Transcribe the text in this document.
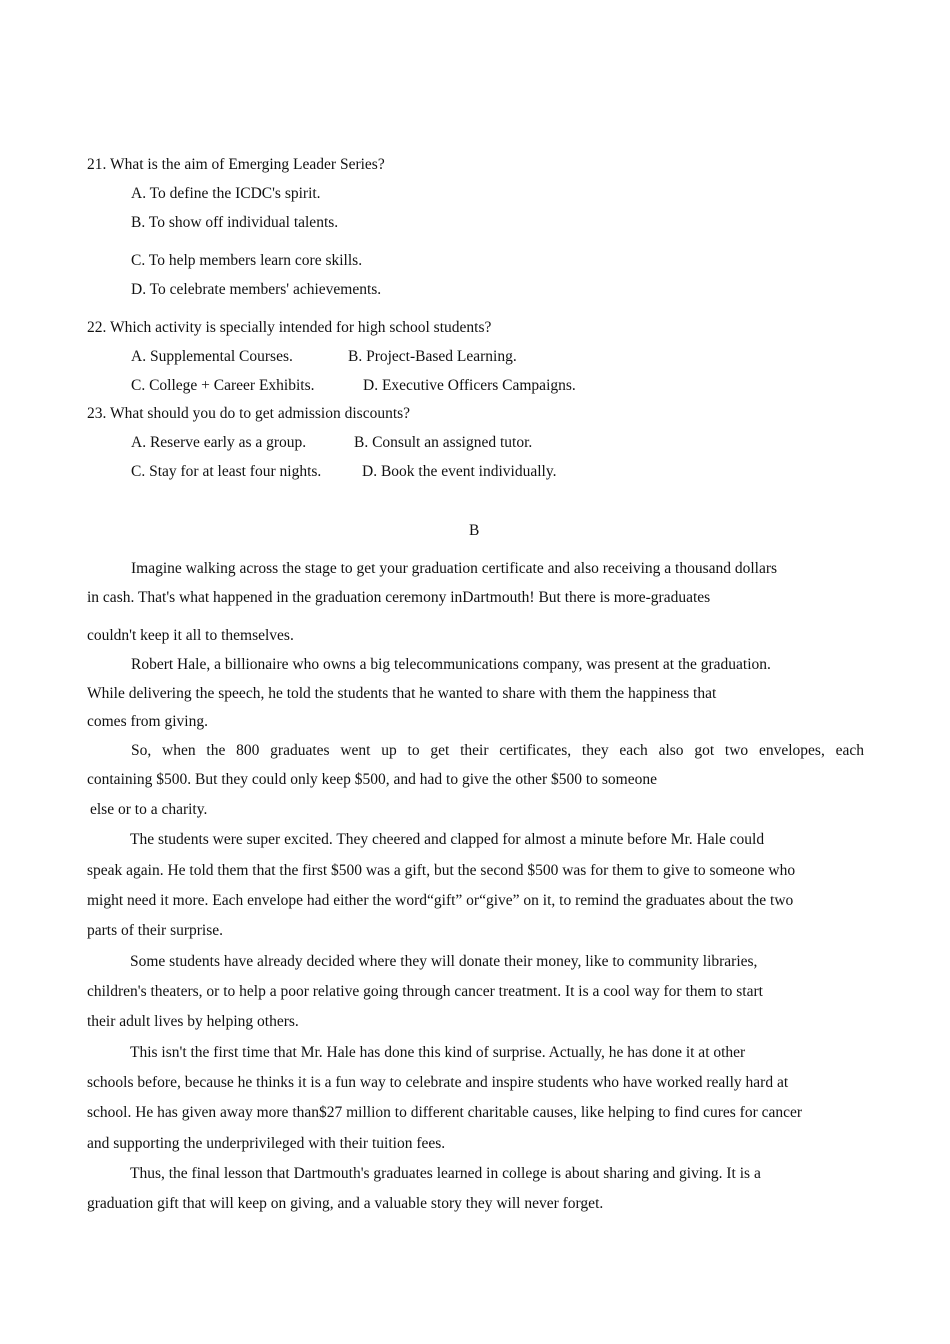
21. What is the aim of Emerging Leader Series?
A. To define the ICDC's spirit.
B. To show off individual talents.
C. To help members learn core skills.
D. To celebrate members' achievements.
22. Which activity is specially intended for high school students?
A. Supplemental Courses.	B. Project-Based Learning.
C. College + Career Exhibits.	D. Executive Officers Campaigns.
23. What should you do to get admission discounts?
A. Reserve early as a group.	B. Consult an assigned tutor.
C. Stay for at least four nights.	D. Book the event individually.
B
Imagine walking across the stage to get your graduation certificate and also receiving a thousand dollars
in cash. That's what happened in the graduation ceremony inDartmouth! But there is more-graduates
couldn't keep it all to themselves.
Robert Hale, a billionaire who owns a big telecommunications company, was present at the graduation.
While delivering the speech, he told the students that he wanted to share with them the happiness that
comes from giving.
So, when the 800 graduates went up to get their certificates, they each also got two envelopes, each
containing $500. But they could only keep $500, and had to give the other $500 to someone
else or to a charity.
The students were super excited. They cheered and clapped for almost a minute before Mr. Hale could
speak again. He told them that the first $500 was a gift, but the second $500 was for them to give to someone who
might need it more. Each envelope had either the word“gift” or“give” on it, to remind the graduates about the two
parts of their surprise.
Some students have already decided where they will donate their money, like to community libraries,
children's theaters, or to help a poor relative going through cancer treatment. It is a cool way for them to start
their adult lives by helping others.
This isn't the first time that Mr. Hale has done this kind of surprise. Actually, he has done it at other
schools before, because he thinks it is a fun way to celebrate and inspire students who have worked really hard at
school. He has given away more than$27 million to different charitable causes, like helping to find cures for cancer
and supporting the underprivileged with their tuition fees.
Thus, the final lesson that Dartmouth's graduates learned in college is about sharing and giving. It is a
graduation gift that will keep on giving, and a valuable story they will never forget.
